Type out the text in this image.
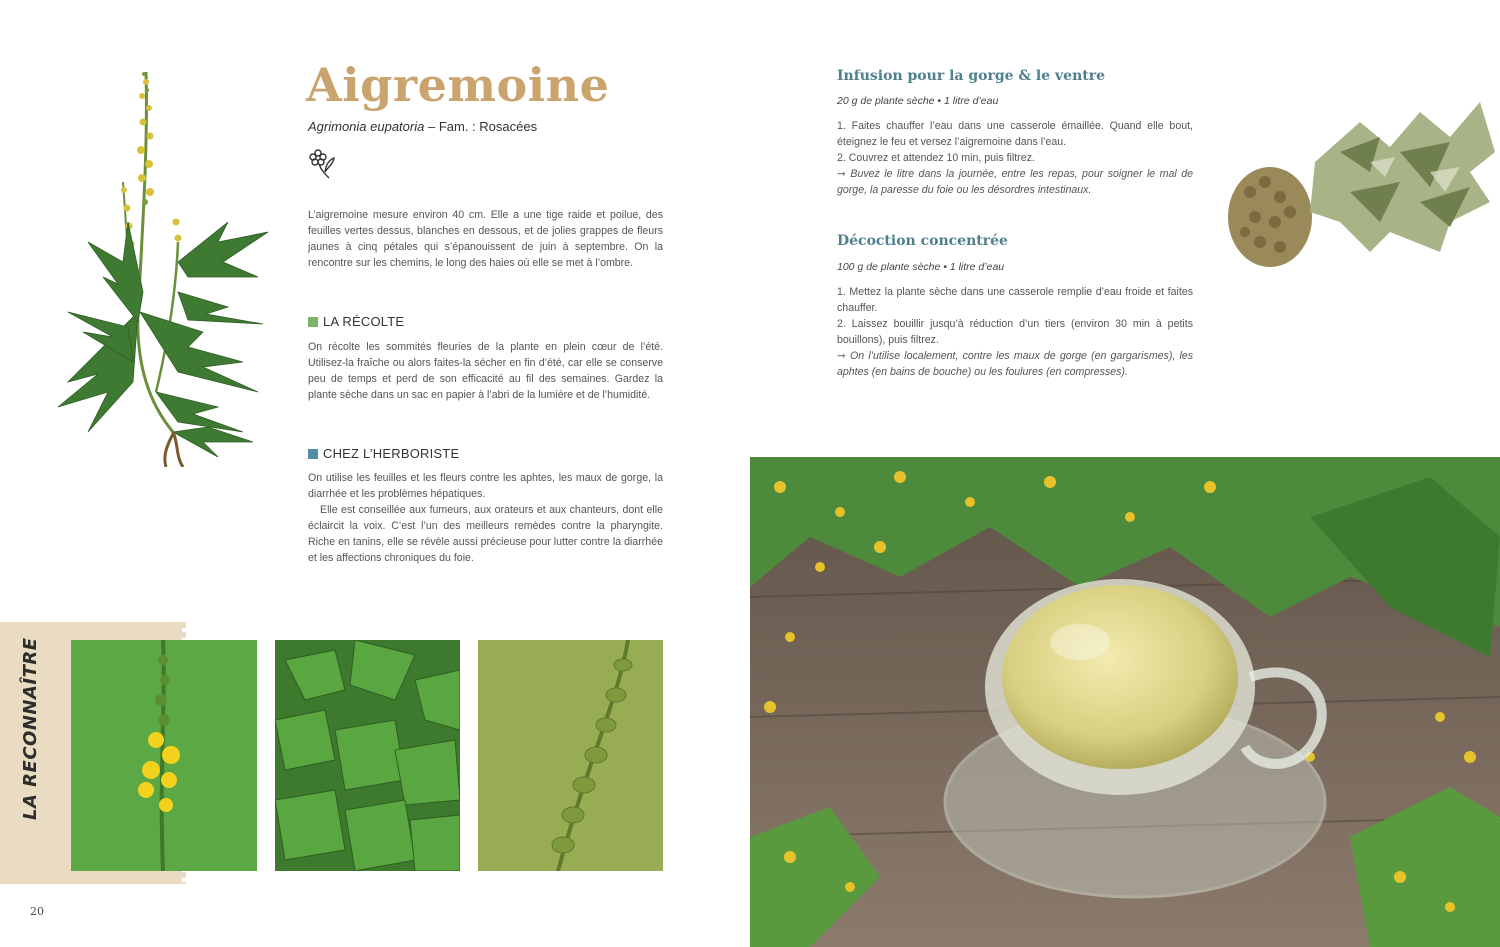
Aigremoine
Agrimonia eupatoria – Fam. : Rosacées
L’aigremoine mesure environ 40 cm. Elle a une tige raide et poilue, des feuilles vertes dessus, blanches en dessous, et de jolies grappes de fleurs jaunes à cinq pétales qui s’épanouissent de juin à septembre. On la rencontre sur les chemins, le long des haies où elle se met à l’ombre.
LA RÉCOLTE
On récolte les sommités fleuries de la plante en plein cœur de l’été. Utilisez-la fraîche ou alors faites-la sécher en fin d’été, car elle se conserve peu de temps et perd de son efficacité au fil des semaines. Gardez la plante sèche dans un sac en papier à l’abri de la lumière et de l’humidité.
CHEZ L’HERBORISTE

On utilise les feuilles et les fleurs contre les aphtes, les maux de gorge, la diarrhée et les problèmes hépatiques.

Elle est conseillée aux fumeurs, aux orateurs et aux chanteurs, dont elle éclaircit la voix. C’est l’un des meilleurs remèdes contre la pharyngite. Riche en tanins, elle se révèle aussi précieuse pour lutter contre la diarrhée et les affections chroniques du foie.

Infusion pour la gorge & le ventre
20 g de plante sèche • 1 litre d’eau

1. Faites chauffer l’eau dans une casserole émaillée. Quand elle bout, éteignez le feu et versez l’aigremoine dans l’eau.

2. Couvrez et attendez 10 min, puis filtrez.

➞ Buvez le litre dans la journée, entre les repas, pour soigner le mal de gorge, la paresse du foie ou les désordres intestinaux.

Décoction concentrée
100 g de plante sèche • 1 litre d’eau

1. Mettez la plante sèche dans une casserole remplie d’eau froide et faites chauffer.

2. Laissez bouillir jusqu’à réduction d’un tiers (environ 30 min à petits bouillons), puis filtrez.

➞ On l’utilise localement, contre les maux de gorge (en gargarismes), les aphtes (en bains de bouche) ou les foulures (en compresses).

LA RECONNAÎTRE
20
